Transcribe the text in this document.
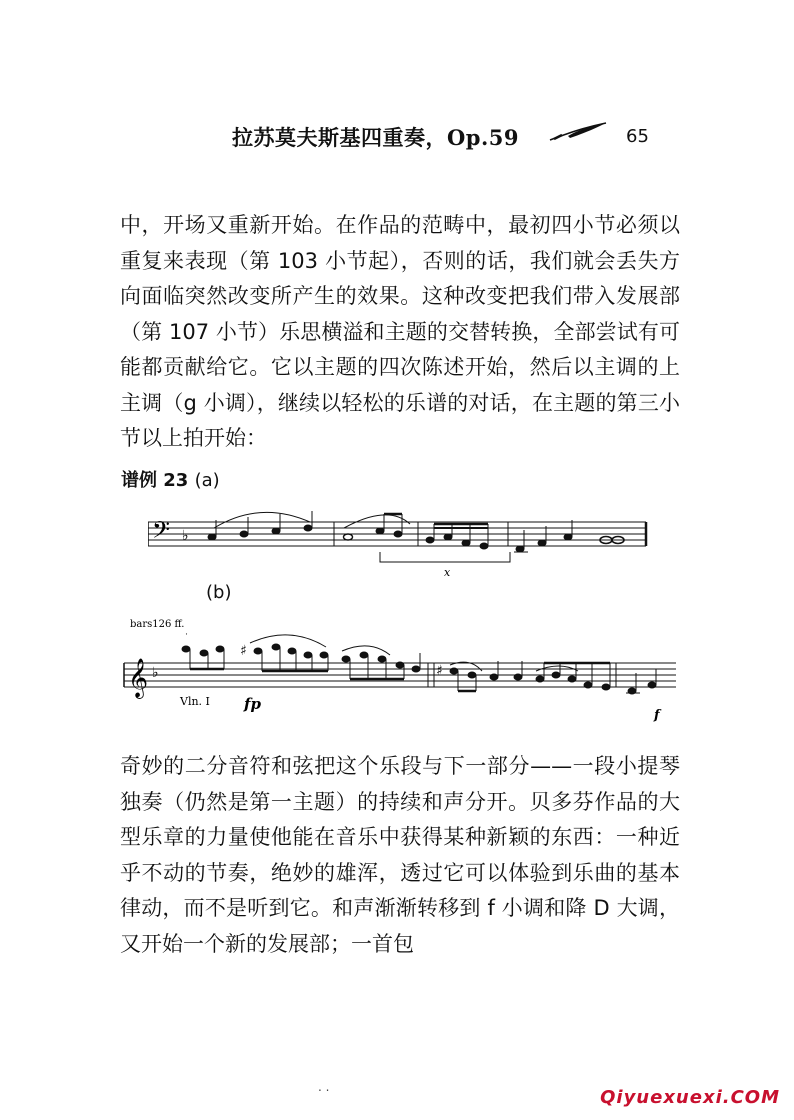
拉苏莫夫斯基四重奏，Op.59	65

中，开场又重新开始。在作品的范畴中，最初四小节必须以重复来表现（第 103 小节起），否则的话，我们就会丢失方向面临突然改变所产生的效果。这种改变把我们带入发展部（第 107 小节）乐思横溢和主题的交替转换，全部尝试有可能都贡献给它。它以主题的四次陈述开始，然后以主调的上主调（g 小调），继续以轻松的乐谱的对话，在主题的第三小节以上拍开始：

谱例 23 (a)
𝄢 ♭
x
(b)
bars126 ff.
𝄞 ♭
˙
♯
♯
Vln. I fp
f

奇妙的二分音符和弦把这个乐段与下一部分——一段小提琴独奏（仍然是第一主题）的持续和声分开。贝多芬作品的大型乐章的力量使他能在音乐中获得某种新颖的东西：一种近乎不动的节奏，绝妙的雄浑，透过它可以体验到乐曲的基本律动，而不是听到它。和声渐渐转移到 f 小调和降 D 大调，又开始一个新的发展部；一首包

. .	Qiyuexuexi.COM
